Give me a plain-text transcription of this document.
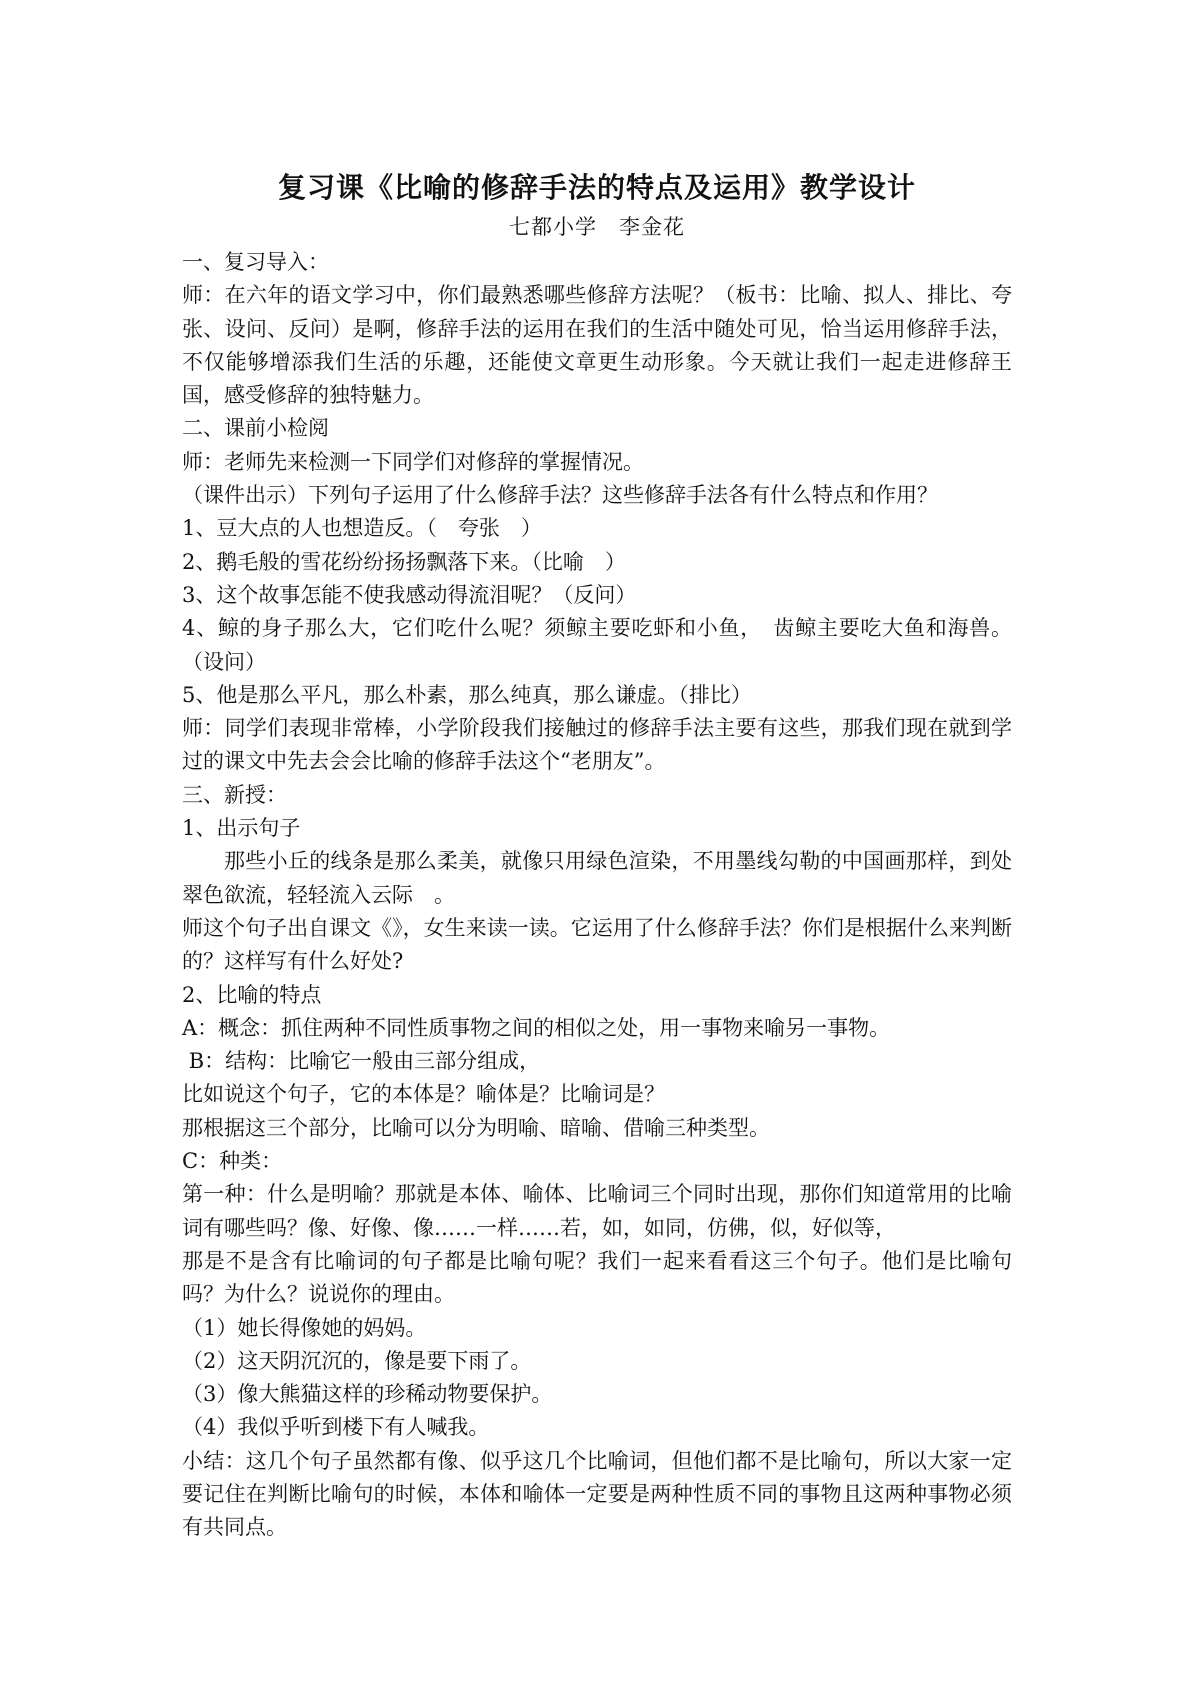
复习课《比喻的修辞手法的特点及运用》教学设计

七都小学　李金花

一、复习导入：

师：在六年的语文学习中，你们最熟悉哪些修辞方法呢？（板书：比喻、拟人、排比、夸张、设问、反问）是啊，修辞手法的运用在我们的生活中随处可见，恰当运用修辞手法，不仅能够增添我们生活的乐趣，还能使文章更生动形象。今天就让我们一起走进修辞王国，感受修辞的独特魅力。

二、课前小检阅

师：老师先来检测一下同学们对修辞的掌握情况。

（课件出示）下列句子运用了什么修辞手法？这些修辞手法各有什么特点和作用？

1、豆大点的人也想造反。（　夸张　）

2、鹅毛般的雪花纷纷扬扬飘落下来。（比喻　）

3、这个故事怎能不使我感动得流泪呢？（反问）

4、鲸的身子那么大，它们吃什么呢？须鲸主要吃虾和小鱼，　齿鲸主要吃大鱼和海兽。（设问）

5、他是那么平凡，那么朴素，那么纯真，那么谦虚。（排比）

师：同学们表现非常棒，小学阶段我们接触过的修辞手法主要有这些，那我们现在就到学过的课文中先去会会比喻的修辞手法这个“老朋友”。

三、新授：

1、出示句子

那些小丘的线条是那么柔美，就像只用绿色渲染，不用墨线勾勒的中国画那样，到处翠色欲流，轻轻流入云际　。

师这个句子出自课文《》，女生来读一读。它运用了什么修辞手法？你们是根据什么来判断的？这样写有什么好处?

2、比喻的特点

A：概念：抓住两种不同性质事物之间的相似之处，用一事物来喻另一事物。

B：结构：比喻它一般由三部分组成，

比如说这个句子，它的本体是？喻体是？比喻词是？

那根据这三个部分，比喻可以分为明喻、暗喻、借喻三种类型。

C：种类：

第一种：什么是明喻？那就是本体、喻体、比喻词三个同时出现，那你们知道常用的比喻词有哪些吗？像、好像、像……一样……若，如，如同，仿佛，似，好似等，

那是不是含有比喻词的句子都是比喻句呢？我们一起来看看这三个句子。他们是比喻句吗？为什么？说说你的理由。

（1）她长得像她的妈妈。

（2）这天阴沉沉的，像是要下雨了。

（3）像大熊猫这样的珍稀动物要保护。

（4）我似乎听到楼下有人喊我。

小结：这几个句子虽然都有像、似乎这几个比喻词，但他们都不是比喻句，所以大家一定要记住在判断比喻句的时候，本体和喻体一定要是两种性质不同的事物且这两种事物必须有共同点。
